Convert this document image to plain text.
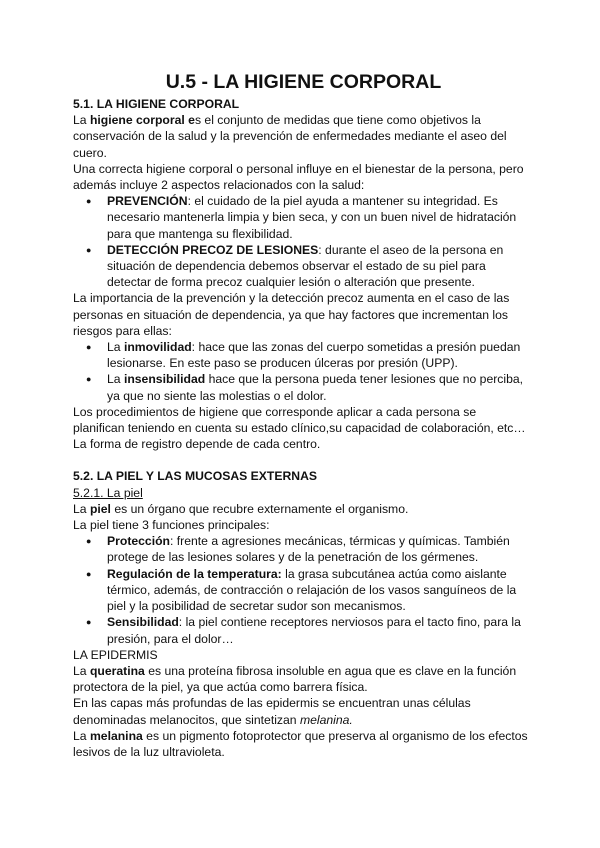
U.5 - LA HIGIENE CORPORAL
5.1. LA HIGIENE CORPORAL

La higiene corporal es el conjunto de medidas que tiene como objetivos la conservación de la salud y la prevención de enfermedades mediante el aseo del cuero.

Una correcta higiene corporal o personal influye en el bienestar de la persona, pero además incluye 2 aspectos relacionados con la salud:

● PREVENCIÓN: el cuidado de la piel ayuda a mantener su integridad. Es necesario mantenerla limpia y bien seca, y con un buen nivel de hidratación para que mantenga su flexibilidad.
● DETECCIÓN PRECOZ DE LESIONES: durante el aseo de la persona en situación de dependencia debemos observar el estado de su piel para detectar de forma precoz cualquier lesión o alteración que presente.

La importancia de la prevención y la detección precoz aumenta en el caso de las personas en situación de dependencia, ya que hay factores que incrementan los riesgos para ellas:

● La inmovilidad: hace que las zonas del cuerpo sometidas a presión puedan lesionarse. En este paso se producen úlceras por presión (UPP).
● La insensibilidad hace que la persona pueda tener lesiones que no perciba, ya que no siente las molestias o el dolor.

Los procedimientos de higiene que corresponde aplicar a cada persona se planifican teniendo en cuenta su estado clínico,su capacidad de colaboración, etc…

La forma de registro depende de cada centro.

5.2. LA PIEL Y LAS MUCOSAS EXTERNAS

5.2.1. La piel

La piel es un órgano que recubre externamente el organismo.

La piel tiene 3 funciones principales:

● Protección: frente a agresiones mecánicas, térmicas y químicas. También protege de las lesiones solares y de la penetración de los gérmenes.
● Regulación de la temperatura: la grasa subcutánea actúa como aislante térmico, además, de contracción o relajación de los vasos sanguíneos de la piel y la posibilidad de secretar sudor son mecanismos.
● Sensibilidad: la piel contiene receptores nerviosos para el tacto fino, para la presión, para el dolor…

LA EPIDERMIS

La queratina es una proteína fibrosa insoluble en agua que es clave en la función protectora de la piel, ya que actúa como barrera física.

En las capas más profundas de las epidermis se encuentran unas células denominadas melanocitos, que sintetizan melanina.

La melanina es un pigmento fotoprotector que preserva al organismo de los efectos lesivos de la luz ultravioleta.
